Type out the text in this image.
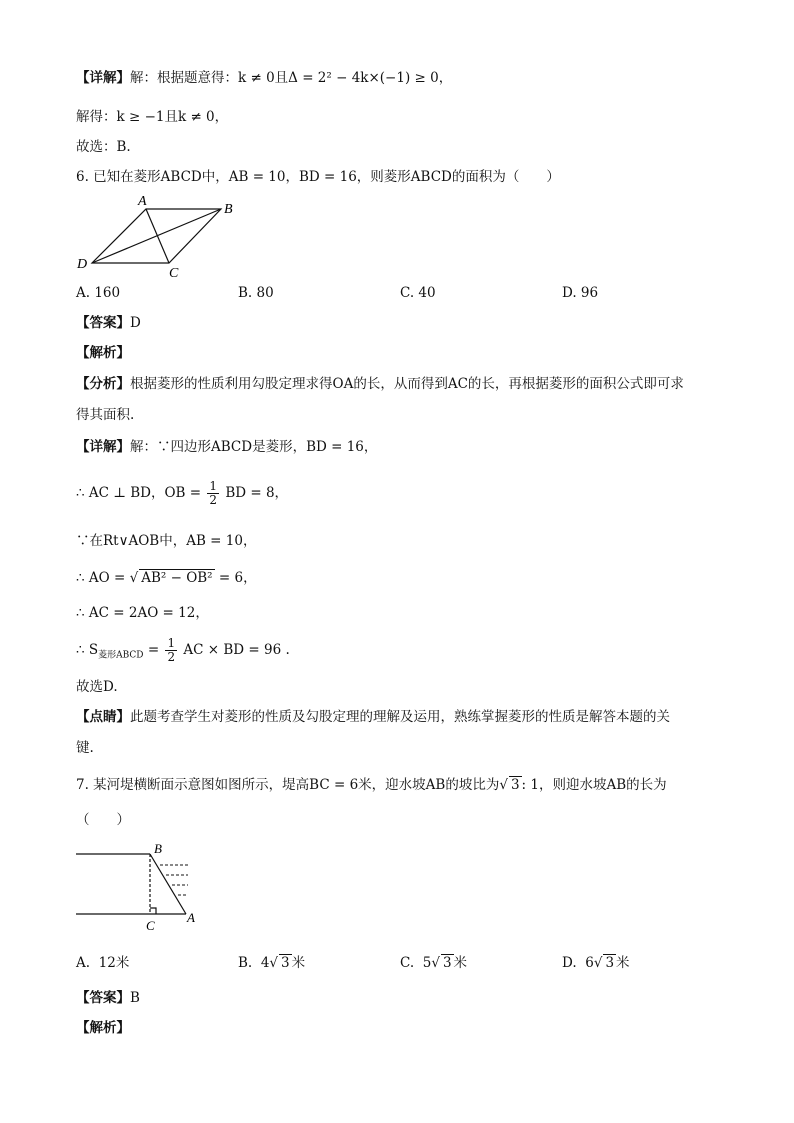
【详解】解：根据题意得：k ≠ 0且Δ = 2² − 4k×(−1) ≥ 0，
解得：k ≥ −1且k ≠ 0，
故选：B.
6. 已知在菱形ABCD中，AB = 10，BD = 16，则菱形ABCD的面积为（　　）
A
B
C
D
A. 160	B. 80	C. 40	D. 96
【答案】D
【解析】
【分析】根据菱形的性质利用勾股定理求得OA的长，从而得到AC的长，再根据菱形的面积公式即可求
得其面积.
【详解】解：∵四边形ABCD是菱形，BD = 16，
∴ AC ⊥ BD，OB = $\frac{1}{2}$ BD = 8，
∵在Rt∨AOB中，AB = 10，
∴ AO = √ AB² − OB² = 6，
∴ AC = 2AO = 12，
∴ $S_{菱形ABCD} = \frac{1}{2}$ AC × BD = 96 .
故选D.
【点睛】此题考查学生对菱形的性质及勾股定理的理解及运用，熟练掌握菱形的性质是解答本题的关
键.
7. 某河堤横断面示意图如图所示，堤高BC = 6米，迎水坡AB的坡比为√ 3 : 1，则迎水坡AB的长为
（　　）
B
C
A
A. 12米	B. 4√ 3 米	C. 5√ 3 米	D. 6√ 3 米
【答案】B
【解析】
